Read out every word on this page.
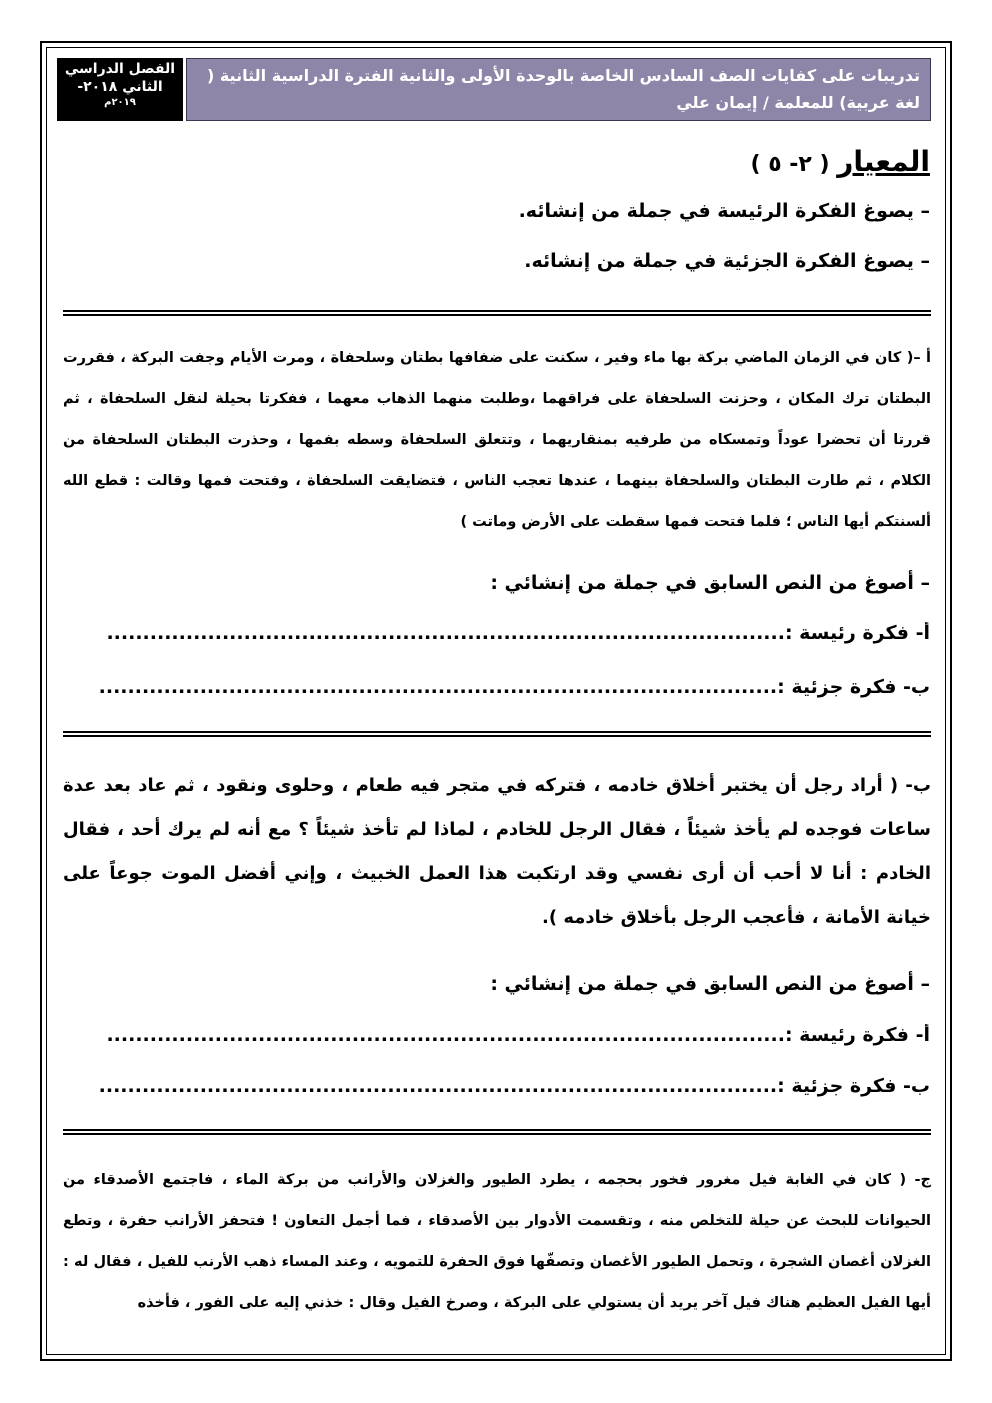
تدريبات على كفايات الصف السادس الخاصة بالوحدة الأولى والثانية الفترة الدراسية الثانية ( لغة عربية) للمعلمة / إيمان علي
الفصل الدراسي
الثاني ٢٠١٨-
٢٠١٩م
المعيار ( ٢- ٥ )
– يصوغ الفكرة الرئيسة في جملة من إنشائه.
– يصوغ الفكرة الجزئية في جملة من إنشائه.
أ –( كان في الزمان الماضي بركة بها ماء وفير ، سكنت على ضفافها بطتان وسلحفاة ، ومرت الأيام وجفت البركة ، فقررت البطتان ترك المكان ، وحزنت السلحفاة على فراقهما ،وطلبت منهما الذهاب معهما ، ففكرتا بحيلة لنقل السلحفاة ، ثم قررتا أن تحضرا عوداً وتمسكاه من طرفيه بمنقاريهما ، وتتعلق السلحفاة وسطه بفمها ، وحذرت البطتان السلحفاة من الكلام ، ثم طارت البطتان والسلحفاة بينهما ، عندها تعجب الناس ، فتضايقت السلحفاة ، وفتحت فمها وقالت : قطع الله ألسنتكم أيها الناس ؛ فلما فتحت فمها سقطت على الأرض وماتت )
– أصوغ من النص السابق في جملة من إنشائي :
أ- فكرة رئيسة :..............................................................................................
ب- فكرة جزئية :..............................................................................................
ب- ( أراد رجل أن يختبر أخلاق خادمه ، فتركه في متجر فيه طعام ، وحلوى ونقود ، ثم عاد بعد عدة ساعات فوجده لم يأخذ شيئاً ، فقال الرجل للخادم ، لماذا لم تأخذ شيئاً ؟ مع أنه لم يرك أحد ، فقال الخادم : أنا لا أحب أن أرى نفسي وقد ارتكبت هذا العمل الخبيث ، وإني أفضل الموت جوعاً على خيانة الأمانة ، فأعجب الرجل بأخلاق خادمه ).
– أصوغ من النص السابق في جملة من إنشائي :
أ- فكرة رئيسة :..............................................................................................
ب- فكرة جزئية :..............................................................................................
ج- ( كان في الغابة فيل مغرور فخور بحجمه ، يطرد الطيور والغزلان والأرانب من بركة الماء ، فاجتمع الأصدقاء من الحيوانات للبحث عن حيلة للتخلص منه ، وتقسمت الأدوار بين الأصدقاء ، فما أجمل التعاون ! فتحفز الأرانب حفرة ، وتطع الغزلان أغصان الشجرة ، وتحمل الطيور الأغصان وتصفّها فوق الحفرة للتمويه ، وعند المساء ذهب الأرنب للفيل ، فقال له : أيها الفيل العظيم هناك فيل آخر يريد أن يستولي على البركة ، وصرخ الفيل وقال : خذني إليه على الفور ، فأخذه
